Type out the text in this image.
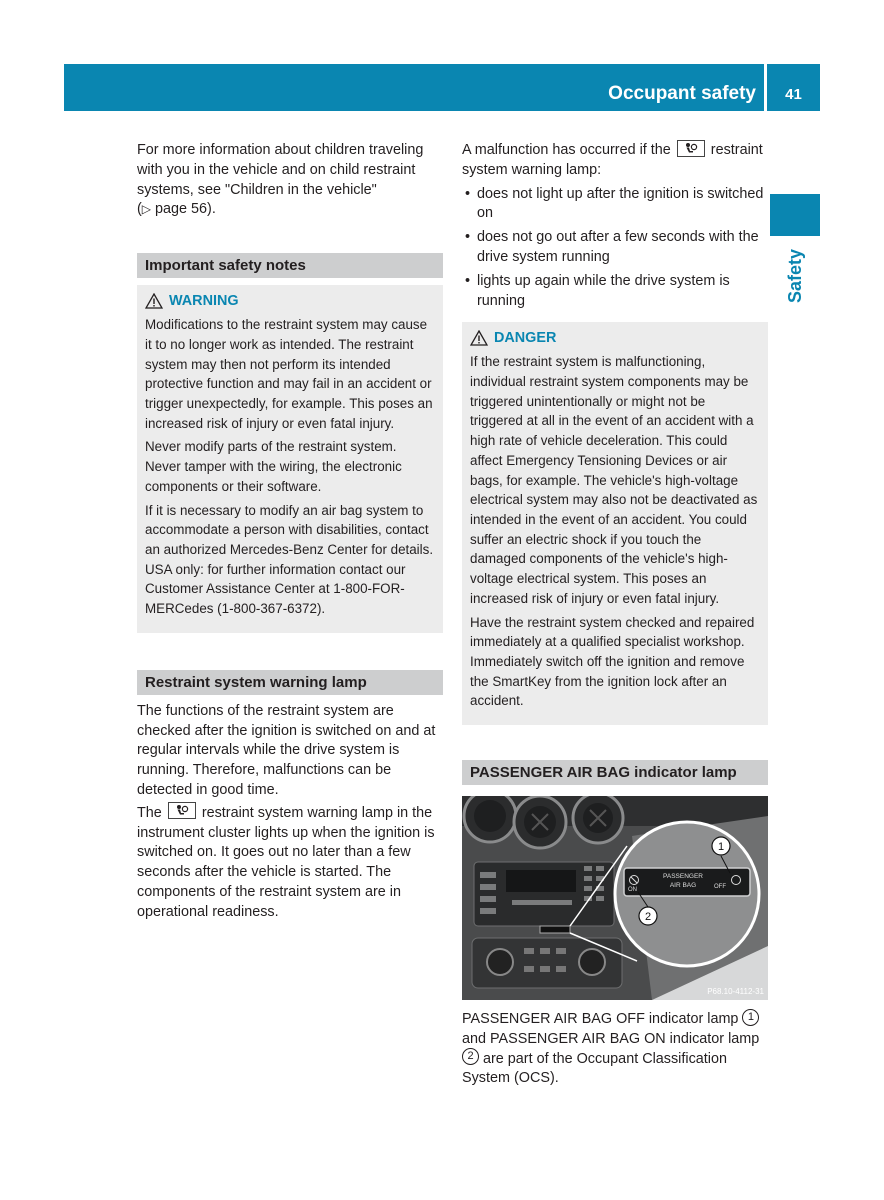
Occupant safety	41
Safety

For more information about children traveling with you in the vehicle and on child restraint systems, see "Children in the vehicle"
(▷ page 56).

Important safety notes
WARNING

Modifications to the restraint system may cause it to no longer work as intended. The restraint system may then not perform its intended protective function and may fail in an accident or trigger unexpectedly, for example. This poses an increased risk of injury or even fatal injury.

Never modify parts of the restraint system. Never tamper with the wiring, the electronic components or their software.

If it is necessary to modify an air bag system to accommodate a person with disabilities, contact an authorized Mercedes-Benz Center for details. USA only: for further information contact our Customer Assistance Center at 1-800-FOR-MERCedes (1-800-367-6372).

Restraint system warning lamp

The functions of the restraint system are checked after the ignition is switched on and at regular intervals while the drive system is running. Therefore, malfunctions can be detected in good time.

The	restraint system warning lamp in the instrument cluster lights up when the ignition is switched on. It goes out no later than a few seconds after the vehicle is started. The components of the restraint system are in operational readiness.

A malfunction has occurred if the	restraint system warning lamp:

• does not light up after the ignition is switched on
• does not go out after a few seconds with the drive system running
• lights up again while the drive system is running
DANGER

If the restraint system is malfunctioning, individual restraint system components may be triggered unintentionally or might not be triggered at all in the event of an accident with a high rate of vehicle deceleration. This could affect Emergency Tensioning Devices or air bags, for example. The vehicle's high-voltage electrical system may also not be deactivated as intended in the event of an accident. You could suffer an electric shock if you touch the damaged components of the vehicle's high-voltage electrical system. This poses an increased risk of injury or even fatal injury.

Have the restraint system checked and repaired immediately at a qualified specialist workshop. Immediately switch off the ignition and remove the SmartKey from the ignition lock after an accident.

PASSENGER AIR BAG indicator lamp
ON
PASSENGER
AIR BAG	OFF
1
2
P68.10-4112-31

PASSENGER AIR BAG OFF indicator lamp 1 and PASSENGER AIR BAG ON indicator lamp 2 are part of the Occupant Classification System (OCS).
